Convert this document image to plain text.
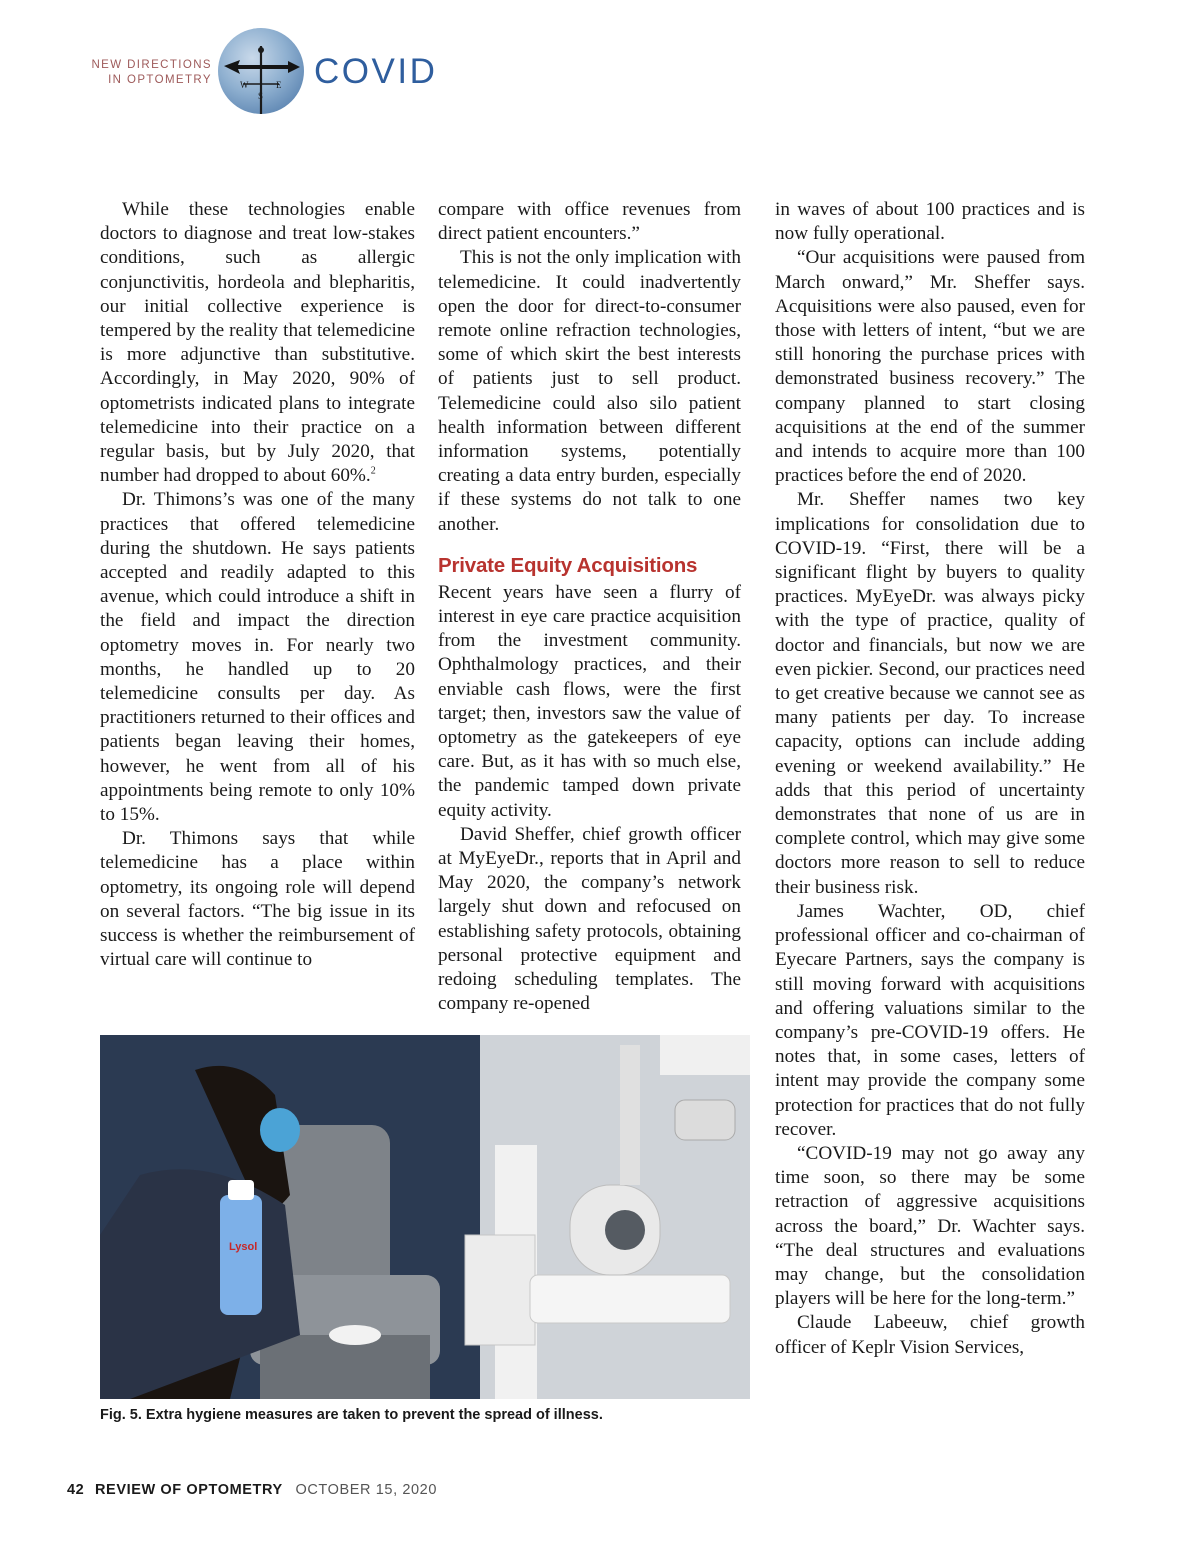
NEW DIRECTIONS
IN OPTOMETRY	W	E
S
COVID

While these technologies enable doctors to diagnose and treat low-stakes conditions, such as allergic conjunctivitis, hordeola and blepharitis, our initial collective experience is tempered by the reality that telemedicine is more adjunctive than substitutive. Accordingly, in May 2020, 90% of optometrists indicated plans to integrate telemedicine into their practice on a regular basis, but by July 2020, that number had dropped to about 60%.$^2$

Dr. Thimons’s was one of the many practices that offered telemedicine during the shutdown. He says patients accepted and readily adapted to this avenue, which could introduce a shift in the field and impact the direction optometry moves in. For nearly two months, he handled up to 20 telemedicine consults per day. As practitioners returned to their offices and patients began leaving their homes, however, he went from all of his appointments being remote to only 10% to 15%.

Dr. Thimons says that while telemedicine has a place within optometry, its ongoing role will depend on several factors. “The big issue in its success is whether the reimbursement of virtual care will continue to

compare with office revenues from direct patient encounters.”

This is not the only implication with telemedicine. It could inadvertently open the door for direct-to-consumer remote online refraction technologies, some of which skirt the best interests of patients just to sell product. Telemedicine could also silo patient health information between different information systems, potentially creating a data entry burden, especially if these systems do not talk to one another.

Private Equity Acquisitions

Recent years have seen a flurry of interest in eye care practice acquisition from the investment community. Ophthalmology practices, and their enviable cash flows, were the first target; then, investors saw the value of optometry as the gatekeepers of eye care. But, as it has with so much else, the pandemic tamped down private equity activity.

David Sheffer, chief growth officer at MyEyeDr., reports that in April and May 2020, the company’s network largely shut down and refocused on establishing safety protocols, obtaining personal protective equipment and redoing scheduling templates. The company re-opened

in waves of about 100 practices and is now fully operational.

“Our acquisitions were paused from March onward,” Mr. Sheffer says. Acquisitions were also paused, even for those with letters of intent, “but we are still honoring the purchase prices with demonstrated business recovery.” The company planned to start closing acquisitions at the end of the summer and intends to acquire more than 100 practices before the end of 2020.

Mr. Sheffer names two key implications for consolidation due to COVID-19. “First, there will be a significant flight by buyers to quality practices. MyEyeDr. was always picky with the type of practice, quality of doctor and financials, but now we are even pickier. Second, our practices need to get creative because we cannot see as many patients per day. To increase capacity, options can include adding evening or weekend availability.” He adds that this period of uncertainty demonstrates that none of us are in complete control, which may give some doctors more reason to sell to reduce their business risk.

James Wachter, OD, chief professional officer and co-chairman of Eyecare Partners, says the company is still moving forward with acquisitions and offering valuations similar to the company’s pre-COVID-19 offers. He notes that, in some cases, letters of intent may provide the company some protection for practices that do not fully recover.

“COVID-19 may not go away any time soon, so there may be some retraction of aggressive acquisitions across the board,” Dr. Wachter says. “The deal structures and evaluations may change, but the consolidation players will be here for the long-term.”

Claude Labeeuw, chief growth officer of Keplr Vision Services,

Lysol
Fig. 5. Extra hygiene measures are taken to prevent the spread of illness.
42 REVIEW OF OPTOMETRY OCTOBER 15, 2020
